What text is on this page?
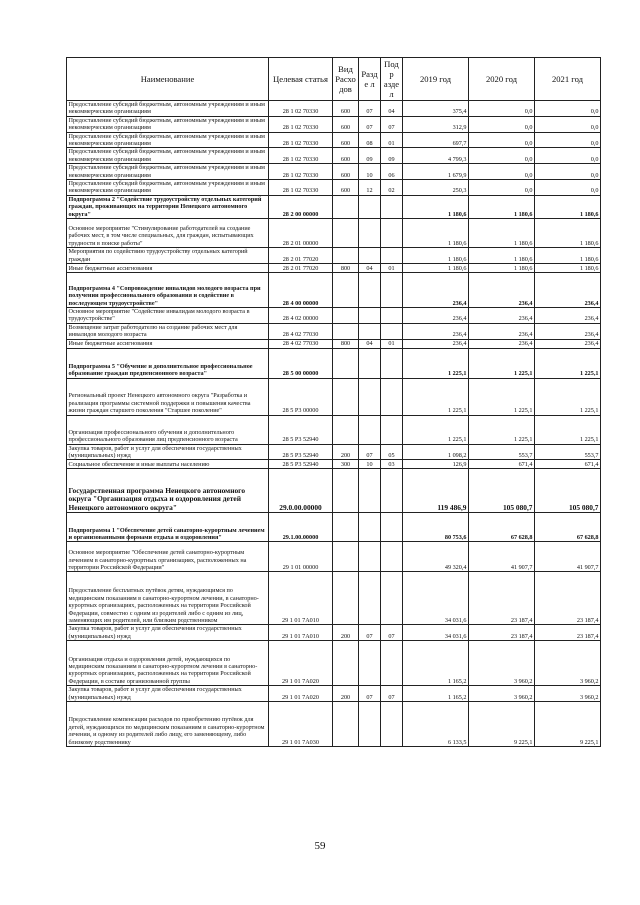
Наименование	Целевая статья	Вид Расхо дов	Разде л	Подр аздел	2019 год	2020 год	2021 год
Предоставление субсидий бюджетным, автономным учреждениям и иным некоммерческим организациям	28 1 02 70330	600	07	04	375,4	0,0	0,0
Предоставление субсидий бюджетным, автономным учреждениям и иным некоммерческим организациям	28 1 02 70330	600	07	07	312,9	0,0	0,0
Предоставление субсидий бюджетным, автономным учреждениям и иным некоммерческим организациям	28 1 02 70330	600	08	01	697,7	0,0	0,0
Предоставление субсидий бюджетным, автономным учреждениям и иным некоммерческим организациям	28 1 02 70330	600	09	09	4 799,3	0,0	0,0
Предоставление субсидий бюджетным, автономным учреждениям и иным некоммерческим организациям	28 1 02 70330	600	10	06	1 679,9	0,0	0,0
Предоставление субсидий бюджетным, автономным учреждениям и иным некоммерческим организациям	28 1 02 70330	600	12	02	250,3	0,0	0,0
Подпрограмма 2 "Содействие трудоустройству отдельных категорий граждан, проживающих на территории Ненецкого автономного округа"	28 2 00 00000				1 180,6	1 180,6	1 180,6
Основное мероприятие "Стимулирование работодателей на создание рабочих мест, в том числе специальных, для граждан, испытывающих трудности в поиске работы"	28 2 01 00000				1 180,6	1 180,6	1 180,6
Мероприятия по содействию трудоустройству отдельных категорий граждан	28 2 01 77020				1 180,6	1 180,6	1 180,6
Иные бюджетные ассигнования	28 2 01 77020	800	04	01	1 180,6	1 180,6	1 180,6
Подпрограмма 4 "Сопровождение инвалидов молодого возраста при получении профессионального образования и содействие в последующем трудоустройстве"	28 4 00 00000				236,4	236,4	236,4
Основное мероприятие "Содействие инвалидам молодого возраста в трудоустройстве"	28 4 02 00000				236,4	236,4	236,4
Возмещение затрат работодателю на создание рабочих мест для инвалидов молодого возраста	28 4 02 77030				236,4	236,4	236,4
Иные бюджетные ассигнования	28 4 02 77030	800	04	01	236,4	236,4	236,4
Подпрограмма 5 "Обучение и дополнительное профессиональное образование граждан предпенсионного возраста"	28 5 00 00000				1 225,1	1 225,1	1 225,1
Региональный проект Ненецкого автономного округа "Разработка и реализация программы системной поддержки и повышения качества жизни граждан старшего поколения "Старшее поколение"	28 5 Р3 00000				1 225,1	1 225,1	1 225,1
Организация профессионального обучения и дополнительного профессионального образования лиц предпенсионного возраста	28 5 Р3 52940				1 225,1	1 225,1	1 225,1
Закупка товаров, работ и услуг для обеспечения государственных (муниципальных) нужд	28 5 Р3 52940	200	07	05	1 098,2	553,7	553,7
Социальное обеспечение и иные выплаты населению	28 5 Р3 52940	300	10	03	126,9	671,4	671,4
Государственная программа Ненецкого автономного округа "Организация отдыха и оздоровления детей Ненецкого автономного округа"	29.0.00.00000				119 486,9	105 080,7	105 080,7
Подпрограмма 1 "Обеспечение детей санаторно-курортным лечением и организованными формами отдыха и оздоровления"	29.1.00.00000				80 753,6	67 628,8	67 628,8
Основное мероприятие "Обеспечение детей санаторно-курортным лечением в санаторно-курортных организациях, расположенных на территории Российской Федерации"	29 1 01 00000				49 320,4	41 907,7	41 907,7
Предоставление бесплатных путёвок детям, нуждающимся по медицинским показаниям в санаторно-курортном лечении, в санаторно-курортных организациях, расположенных на территории Российской Федерации, совместно с одним из родителей либо с одним из лиц, заменяющих им родителей, или близким родственником	29 1 01 7А010				34 031,6	23 187,4	23 187,4
Закупка товаров, работ и услуг для обеспечения государственных (муниципальных) нужд	29 1 01 7А010	200	07	07	34 031,6	23 187,4	23 187,4
Организация отдыха и оздоровления детей, нуждающихся по медицинским показаниям в санаторно-курортном лечении в санаторно-курортных организациях, расположенных на территории Российской Федерации, в составе организованной группы	29 1 01 7А020				1 165,2	3 960,2	3 960,2
Закупка товаров, работ и услуг для обеспечения государственных (муниципальных) нужд	29 1 01 7А020	200	07	07	1 165,2	3 960,2	3 960,2
Предоставление компенсации расходов по приобретению путёвок для детей, нуждающихся по медицинским показаниям в санаторно-курортном лечении, и одному из родителей либо лицу, его заменяющему, либо близкому родственнику	29 1 01 7А030				6 133,5	9 225,1	9 225,1
59
